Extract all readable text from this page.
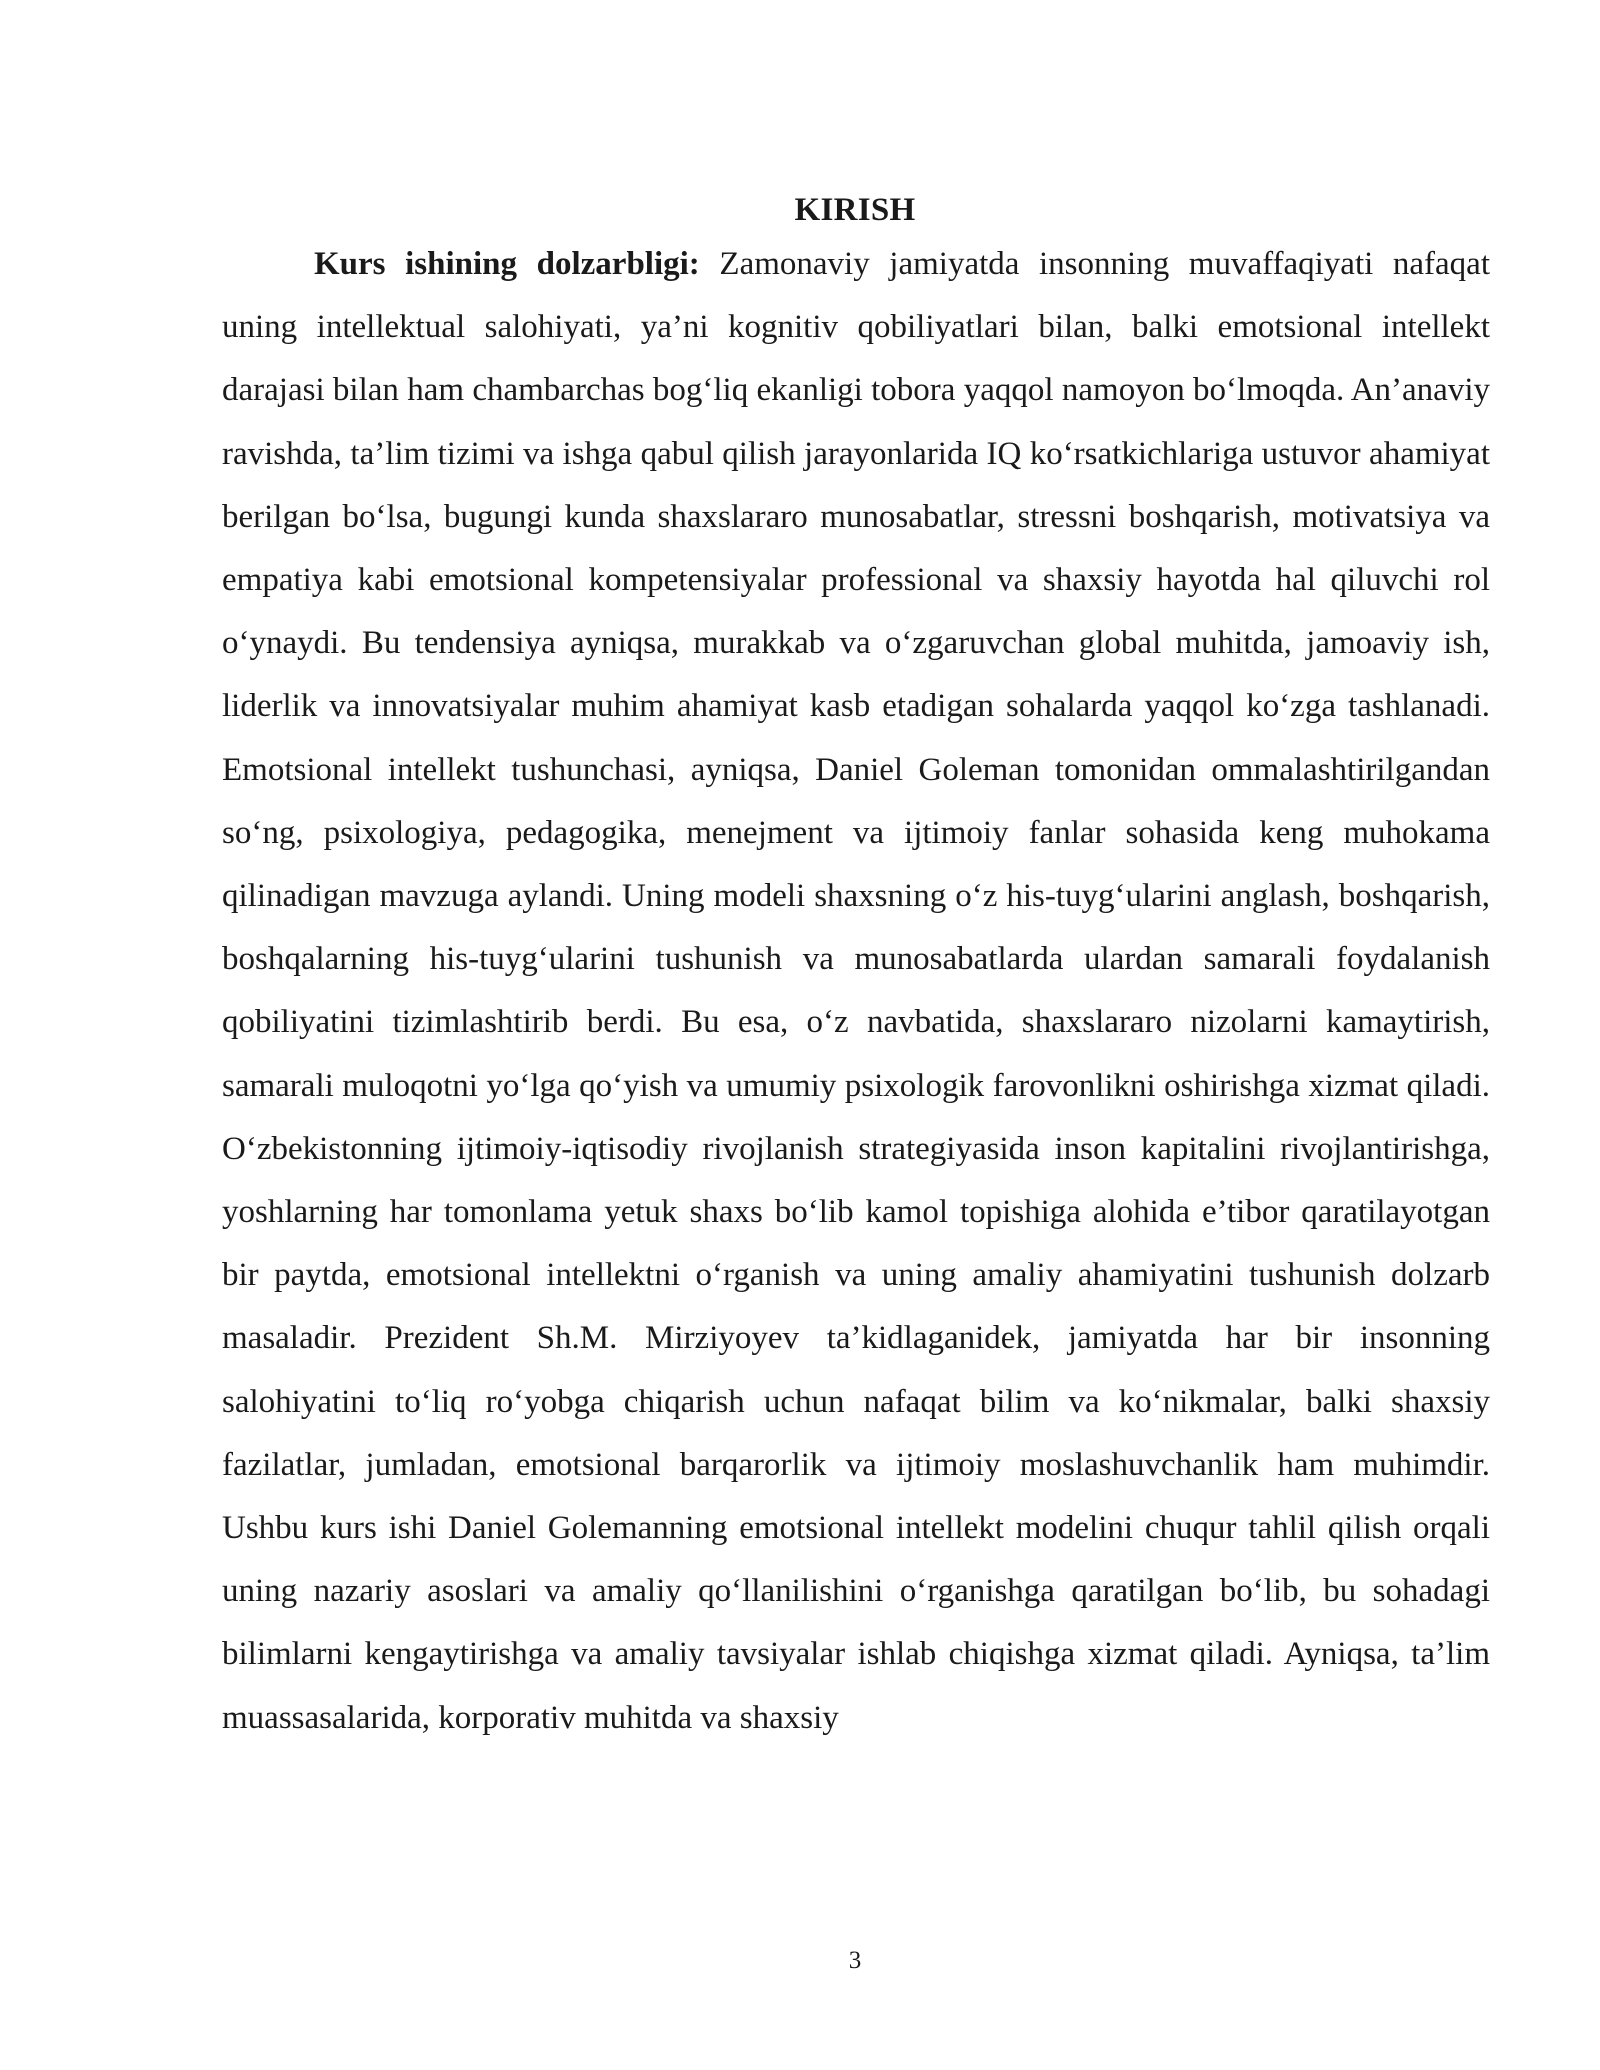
KIRISH

Kurs ishining dolzarbligi: Zamonaviy jamiyatda insonning muvaffaqiyati nafaqat uning intellektual salohiyati, ya’ni kognitiv qobiliyatlari bilan, balki emotsional intellekt darajasi bilan ham chambarchas bog‘liq ekanligi tobora yaqqol namoyon bo‘lmoqda. An’anaviy ravishda, ta’lim tizimi va ishga qabul qilish jarayonlarida IQ ko‘rsatkichlariga ustuvor ahamiyat berilgan bo‘lsa, bugungi kunda shaxslararo munosabatlar, stressni boshqarish, motivatsiya va empatiya kabi emotsional kompetensiyalar professional va shaxsiy hayotda hal qiluvchi rol o‘ynaydi. Bu tendensiya ayniqsa, murakkab va o‘zgaruvchan global muhitda, jamoaviy ish, liderlik va innovatsiyalar muhim ahamiyat kasb etadigan sohalarda yaqqol ko‘zga tashlanadi. Emotsional intellekt tushunchasi, ayniqsa, Daniel Goleman tomonidan ommalashtirilgandan so‘ng, psixologiya, pedagogika, menejment va ijtimoiy fanlar sohasida keng muhokama qilinadigan mavzuga aylandi. Uning modeli shaxsning o‘z his-tuyg‘ularini anglash, boshqarish, boshqalarning his-tuyg‘ularini tushunish va munosabatlarda ulardan samarali foydalanish qobiliyatini tizimlashtirib berdi. Bu esa, o‘z navbatida, shaxslararo nizolarni kamaytirish, samarali muloqotni yo‘lga qo‘yish va umumiy psixologik farovonlikni oshirishga xizmat qiladi. O‘zbekistonning ijtimoiy-iqtisodiy rivojlanish strategiyasida inson kapitalini rivojlantirishga, yoshlarning har tomonlama yetuk shaxs bo‘lib kamol topishiga alohida e’tibor qaratilayotgan bir paytda, emotsional intellektni o‘rganish va uning amaliy ahamiyatini tushunish dolzarb masaladir. Prezident Sh.M. Mirziyoyev ta’kidlaganidek, jamiyatda har bir insonning salohiyatini to‘liq ro‘yobga chiqarish uchun nafaqat bilim va ko‘nikmalar, balki shaxsiy fazilatlar, jumladan, emotsional barqarorlik va ijtimoiy moslashuvchanlik ham muhimdir. Ushbu kurs ishi Daniel Golemanning emotsional intellekt modelini chuqur tahlil qilish orqali uning nazariy asoslari va amaliy qo‘llanilishini o‘rganishga qaratilgan bo‘lib, bu sohadagi bilimlarni kengaytirishga va amaliy tavsiyalar ishlab chiqishga xizmat qiladi. Ayniqsa, ta’lim muassasalarida, korporativ muhitda va shaxsiy

3
